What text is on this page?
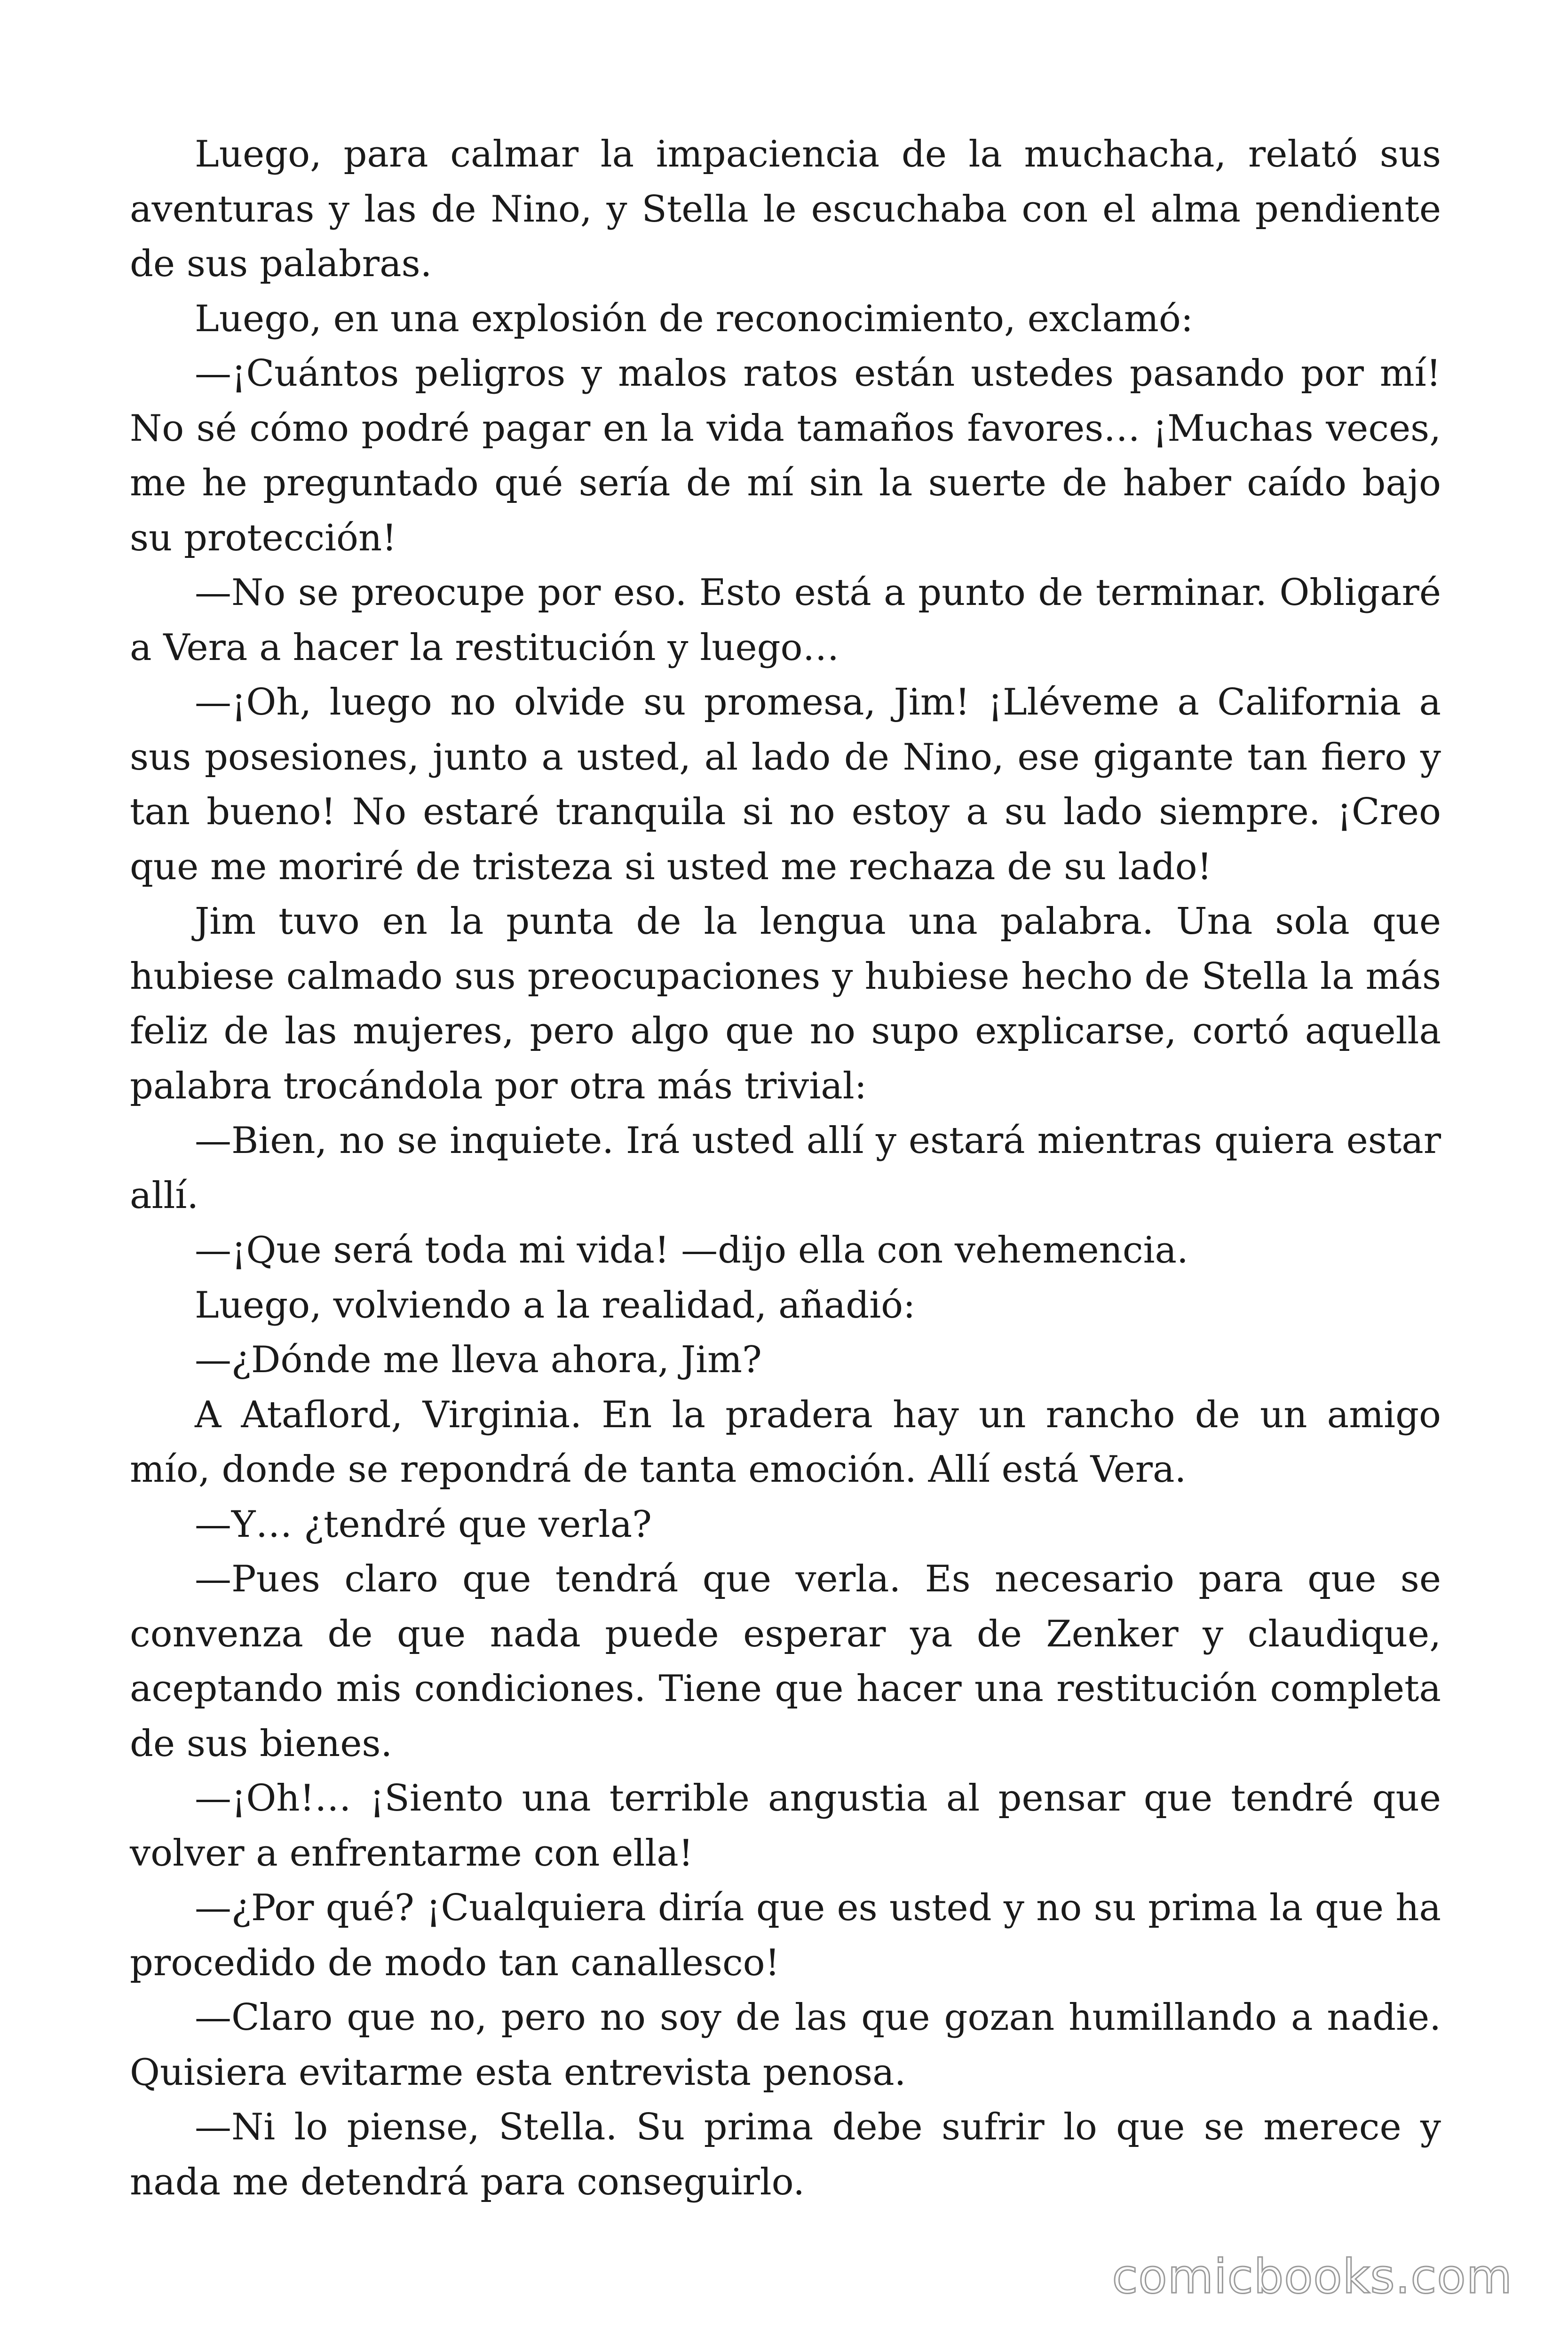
Luego, para calmar la impaciencia de la muchacha, relató sus aventuras y las de Nino, y Stella le escuchaba con el alma pendiente de sus palabras.

Luego, en una explosión de reconocimiento, exclamó:

—¡Cuántos peligros y malos ratos están ustedes pasando por mí! No sé cómo podré pagar en la vida tamaños favores… ¡Muchas veces, me he preguntado qué sería de mí sin la suerte de haber caído bajo su protección!

—No se preocupe por eso. Esto está a punto de terminar. Obligaré a Vera a hacer la restitución y luego…

—¡Oh, luego no olvide su promesa, Jim! ¡Lléveme a California a sus posesiones, junto a usted, al lado de Nino, ese gigante tan fiero y tan bueno! No estaré tranquila si no estoy a su lado siempre. ¡Creo que me moriré de tristeza si usted me rechaza de su lado!

Jim tuvo en la punta de la lengua una palabra. Una sola que hubiese calmado sus preocupaciones y hubiese hecho de Stella la más feliz de las mujeres, pero algo que no supo explicarse, cortó aquella palabra trocándola por otra más trivial:

—Bien, no se inquiete. Irá usted allí y estará mientras quiera estar allí.

—¡Que será toda mi vida! —dijo ella con vehemencia.

Luego, volviendo a la realidad, añadió:

—¿Dónde me lleva ahora, Jim?

A Ataflord, Virginia. En la pradera hay un rancho de un amigo mío, donde se repondrá de tanta emoción. Allí está Vera.

—Y… ¿tendré que verla?

—Pues claro que tendrá que verla. Es necesario para que se convenza de que nada puede esperar ya de Zenker y claudique, aceptando mis condiciones. Tiene que hacer una restitución completa de sus bienes.

—¡Oh!… ¡Siento una terrible angustia al pensar que tendré que volver a enfrentarme con ella!

—¿Por qué? ¡Cualquiera diría que es usted y no su prima la que ha procedido de modo tan canallesco!

—Claro que no, pero no soy de las que gozan humillando a nadie. Quisiera evitarme esta entrevista penosa.

—Ni lo piense, Stella. Su prima debe sufrir lo que se merece y nada me detendrá para conseguirlo.

comicbooks.com
